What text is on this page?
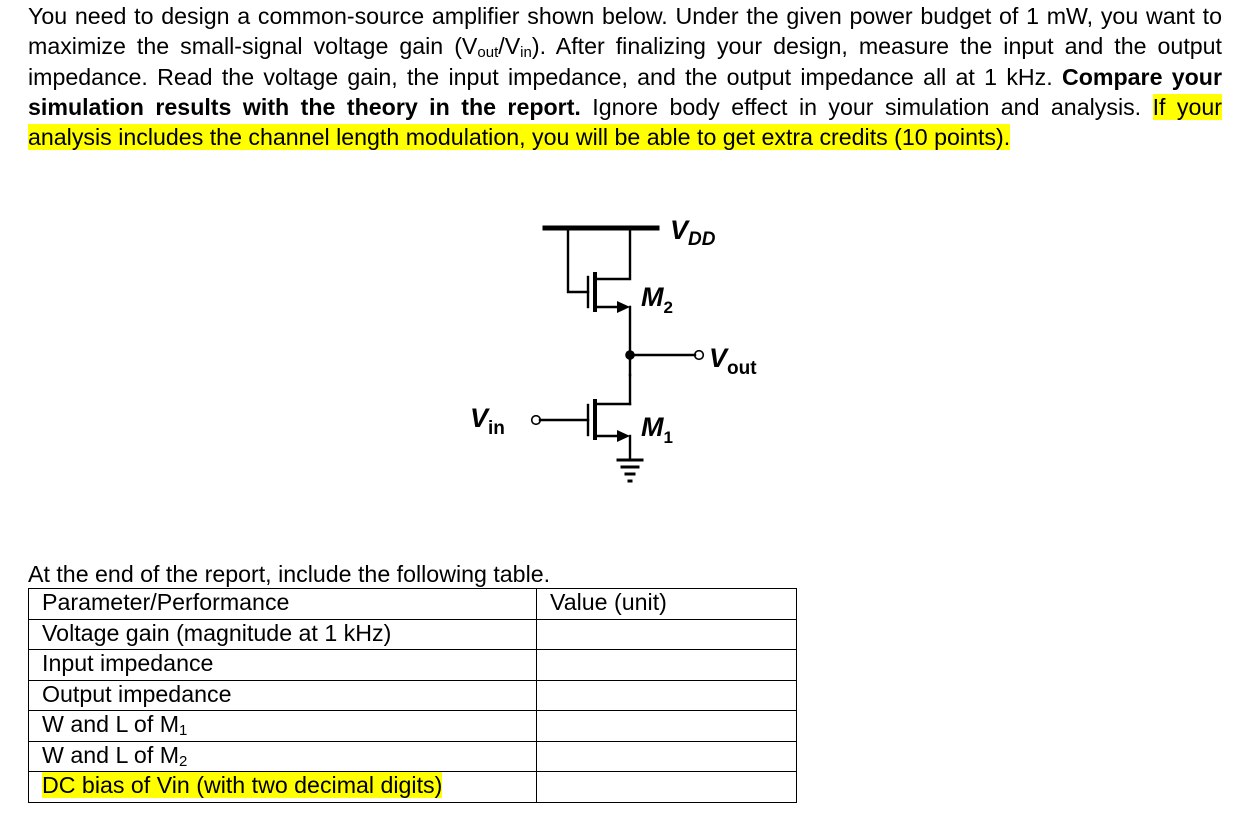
You need to design a common-source amplifier shown below. Under the given power budget of 1 mW, you want to maximize the small-signal voltage gain $(V_{out}/V_{in})$. After finalizing your design, measure the input and the output impedance. Read the voltage gain, the input impedance, and the output impedance all at 1 kHz. Compare your simulation results with the theory in the report. Ignore body effect in your simulation and analysis. If your analysis includes the channel length modulation, you will be able to get extra credits (10 points).
$V_{DD}$
$M_2$
$V_{out}$
$V_{in}$	$M_1$
At the end of the report, include the following table.
Parameter/Performance	Value (unit)
Voltage gain (magnitude at 1 kHz)	
Input impedance	
Output impedance	
W and L of $M_1$	
W and L of $M_2$	
DC bias of Vin (with two decimal digits)	
